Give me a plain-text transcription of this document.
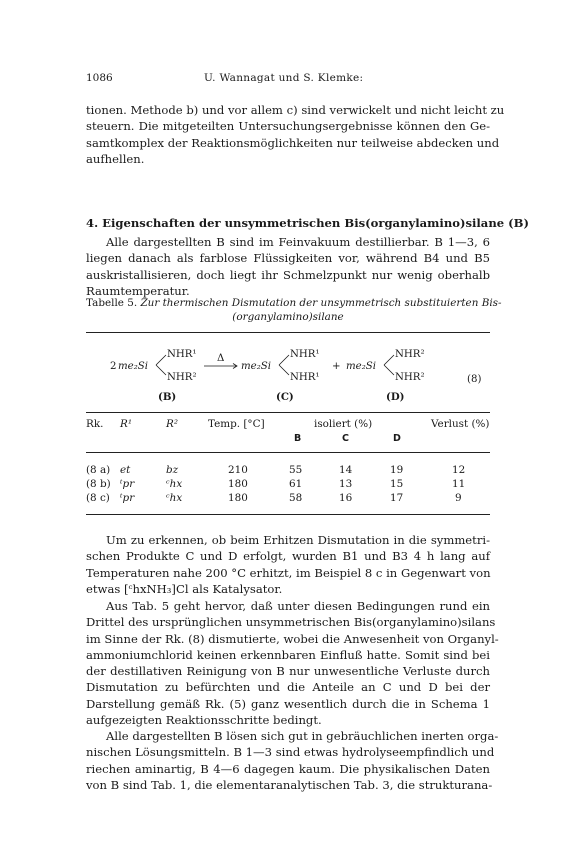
1086	U. Wannagat und S. Klemke:

tionen. Methode b) und vor allem c) sind verwickelt und nicht leicht zu
steuern. Die mitgeteilten Untersuchungsergebnisse können den Ge-
samtkomplex der Reaktionsmöglichkeiten nur teilweise abdecken und
aufhellen.

4. Eigenschaften der unsymmetrischen Bis(organylamino)silane (B)

Alle dargestellten B sind im Feinvakuum destillierbar. B 1—3, 6
liegen danach als farblose Flüssigkeiten vor, während B4 und B5
auskristallisieren, doch liegt ihr Schmelzpunkt nur wenig oberhalb
Raumtemperatur.

Tabelle 5. Zur thermischen Dismutation der unsymmetrisch substituierten Bis-
(organylamino)silane
2 me₂Si
NHR¹
NHR²
Δ
me₂Si
NHR¹
NHR¹
+ me₂Si
NHR²
NHR²	(8)
(B)	(C)	(D)
Rk. R¹	R²	Temp. [°C]	isoliert (%)	Verlust (%)
B	C	D
(8 a) et	bz	210	55	14	19	12
(8 b) ᵗpr	ᶜhx	180	61	13	15	11
(8 c) ᵗpr	ᶜhx	180	58	16	17	9

Um zu erkennen, ob beim Erhitzen Dismutation in die symmetri-
schen Produkte C und D erfolgt, wurden B1 und B3 4 h lang auf
Temperaturen nahe 200 °C erhitzt, im Beispiel 8 c in Gegenwart von
etwas [ᶜhxNH₃]Cl als Katalysator.

Aus Tab. 5 geht hervor, daß unter diesen Bedingungen rund ein
Drittel des ursprünglichen unsymmetrischen Bis(organylamino)silans
im Sinne der Rk. (8) dismutierte, wobei die Anwesenheit von Organyl-
ammoniumchlorid keinen erkennbaren Einfluß hatte. Somit sind bei
der destillativen Reinigung von B nur unwesentliche Verluste durch
Dismutation zu befürchten und die Anteile an C und D bei der
Darstellung gemäß Rk. (5) ganz wesentlich durch die in Schema 1
aufgezeigten Reaktionsschritte bedingt.

Alle dargestellten B lösen sich gut in gebräuchlichen inerten orga-
nischen Lösungsmitteln. B 1—3 sind etwas hydrolyseempfindlich und
riechen aminartig, B 4—6 dagegen kaum. Die physikalischen Daten
von B sind Tab. 1, die elementaranalytischen Tab. 3, die strukturana-
